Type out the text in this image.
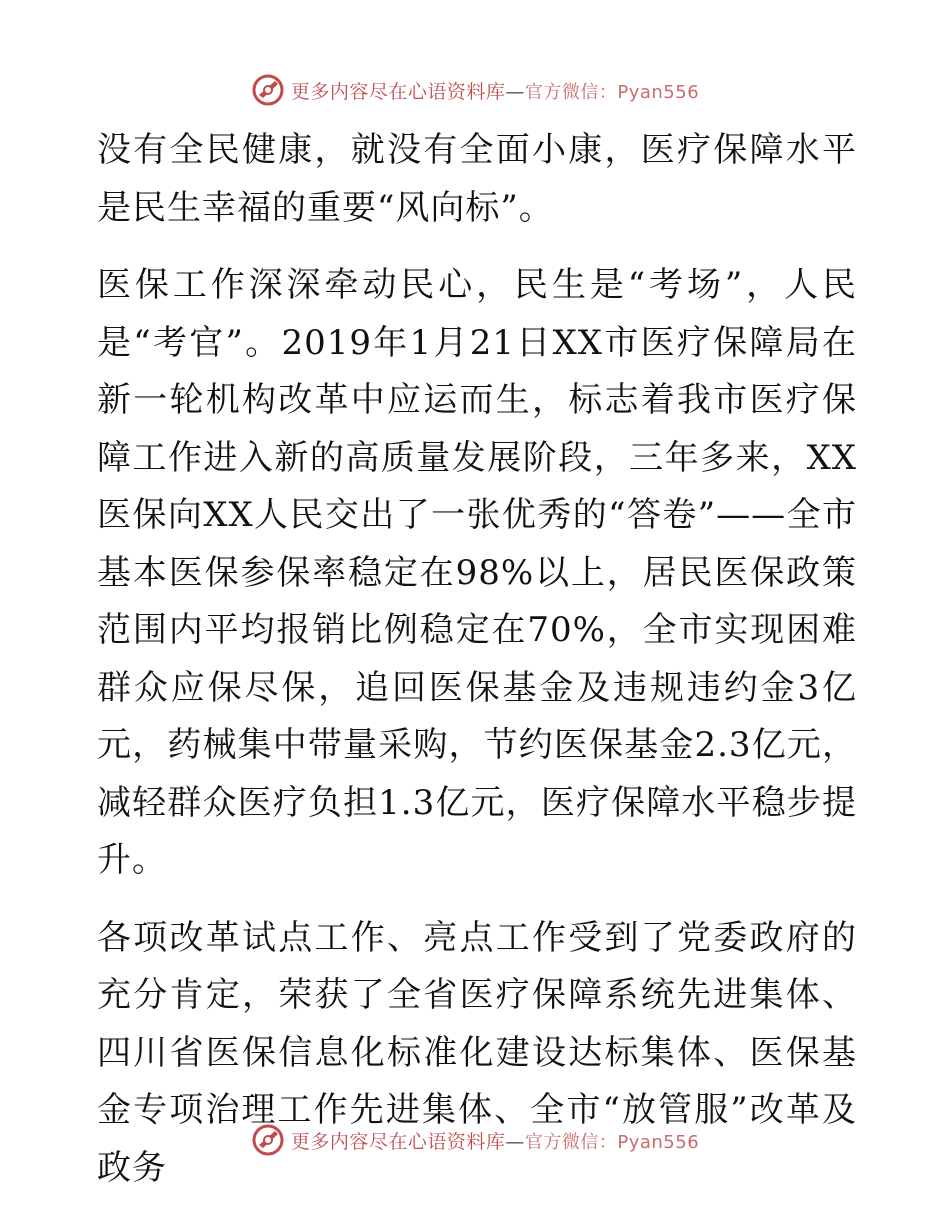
更多内容尽在心语资料库—官方微信：Pyan556

没有全民健康，就没有全面小康，医疗保障水平是民生幸福的重要“风向标”。

医保工作深深牵动民心，民生是“考场”，人民是“考官”。2019年1月21日XX市医疗保障局在新一轮机构改革中应运而生，标志着我市医疗保障工作进入新的高质量发展阶段，三年多来，XX医保向XX人民交出了一张优秀的“答卷”——全市基本医保参保率稳定在98%以上，居民医保政策范围内平均报销比例稳定在70%，全市实现困难群众应保尽保，追回医保基金及违规违约金3亿元，药械集中带量采购，节约医保基金2.3亿元，减轻群众医疗负担1.3亿元，医疗保障水平稳步提升。

各项改革试点工作、亮点工作受到了党委政府的充分肯定，荣获了全省医疗保障系统先进集体、四川省医保信息化标准化建设达标集体、医保基金专项治理工作先进集体、全市“放管服”改革及政务

更多内容尽在心语资料库—官方微信：Pyan556
